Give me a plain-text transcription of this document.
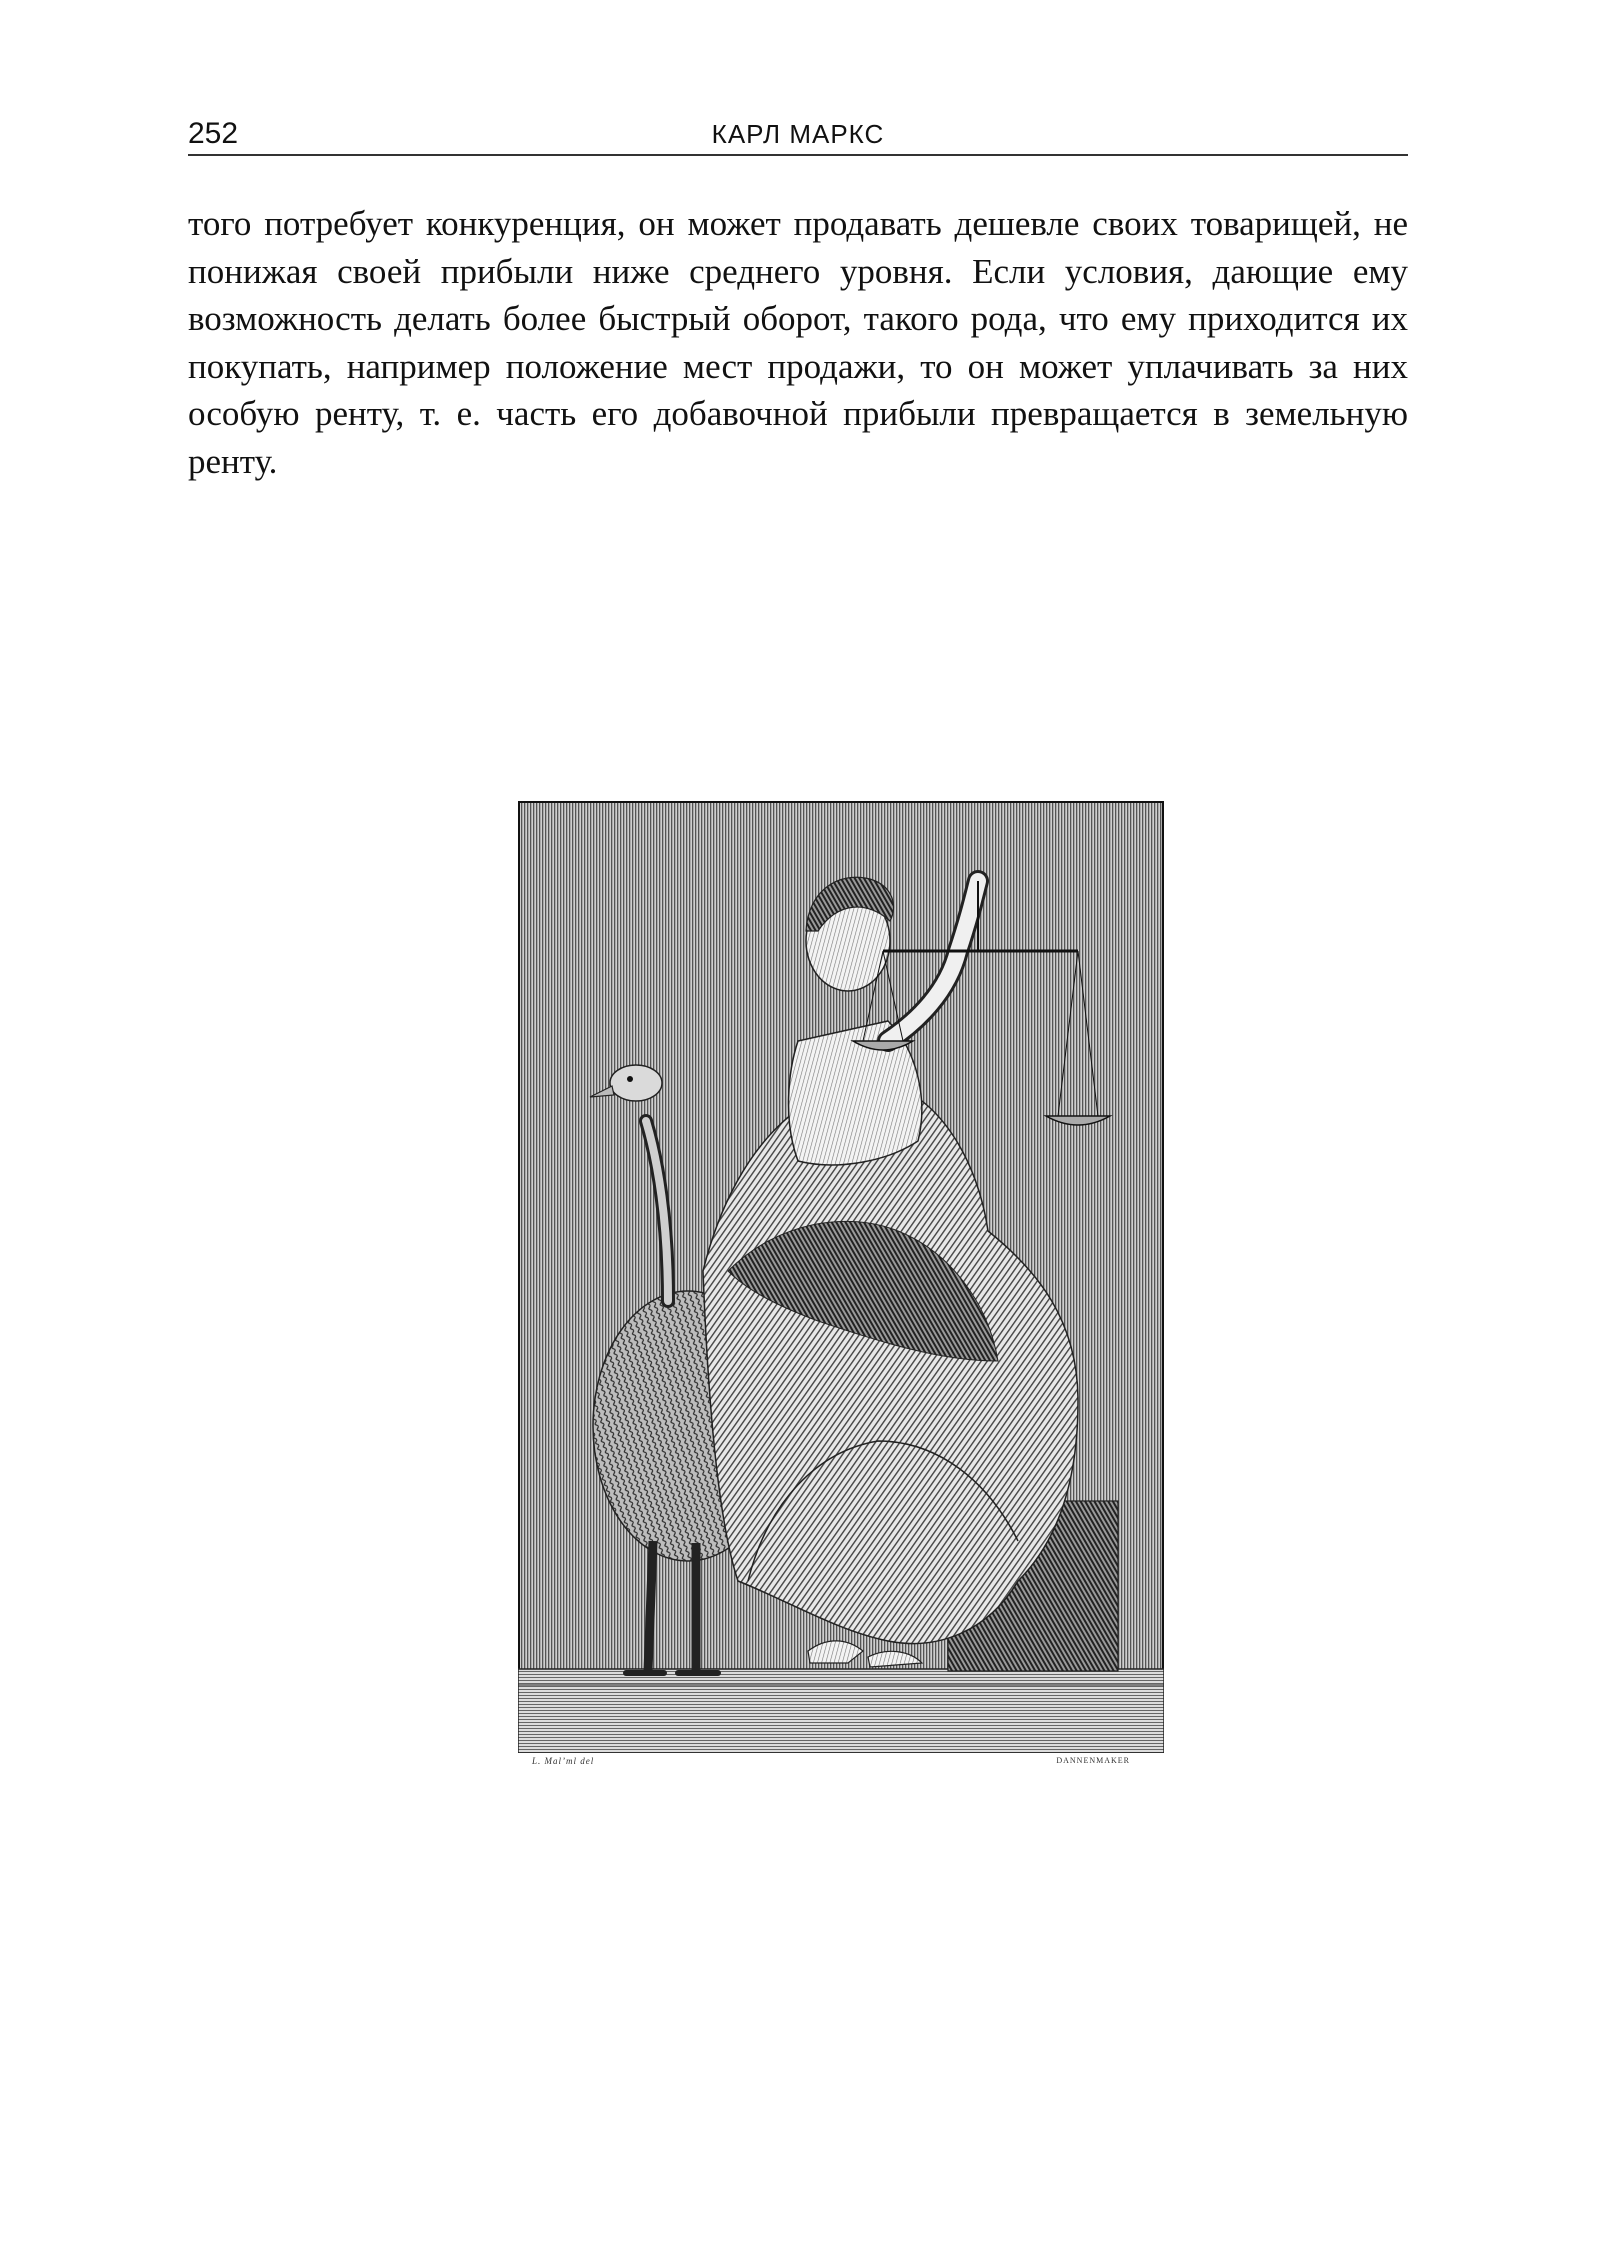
252	КАРЛ МАРКС

того потребует конкуренция, он может продавать дешевле своих товарищей, не понижая своей прибыли ниже среднего уровня. Если условия, дающие ему возможность делать более быстрый оборот, такого рода, что ему приходится их покупать, например положение мест продажи, то он может уплачивать за них особую ренту, т. е. часть его добавочной прибыли превращается в земельную ренту.

L. Malʼml del	DANNENMAKER
